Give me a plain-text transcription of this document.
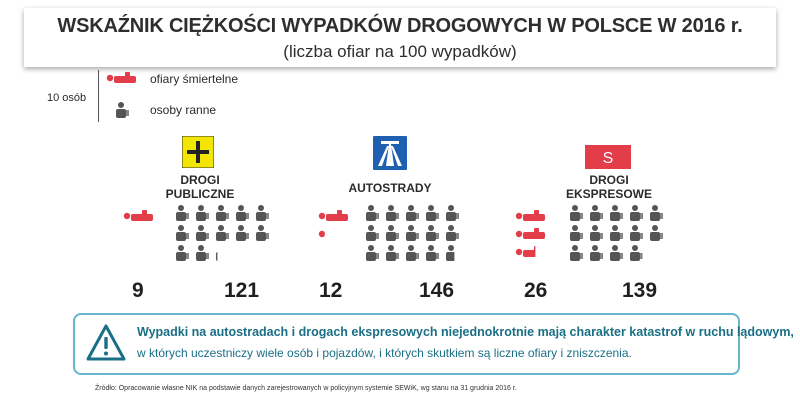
WSKAŹNIK CIĘŻKOŚCI WYPADKÓW DROGOWYCH W POLSCE W 2016 r.
(liczba ofiar na 100 wypadków)
10 osób
ofiary śmiertelne
osoby ranne
DROGI
PUBLICZNE	AUTOSTRADY
S
DROGI
EKSPRESOWE
9	121	12	146	26	139
Wypadki na autostradach i drogach ekspresowych niejednokrotnie mają charakter katastrof w ruchu lądowym,
w których uczestniczy wiele osób i pojazdów, i których skutkiem są liczne ofiary i zniszczenia.
Źródło: Opracowanie własne NIK na podstawie danych zarejestrowanych w policyjnym systemie SEWiK, wg stanu na 31 grudnia 2016 r.
